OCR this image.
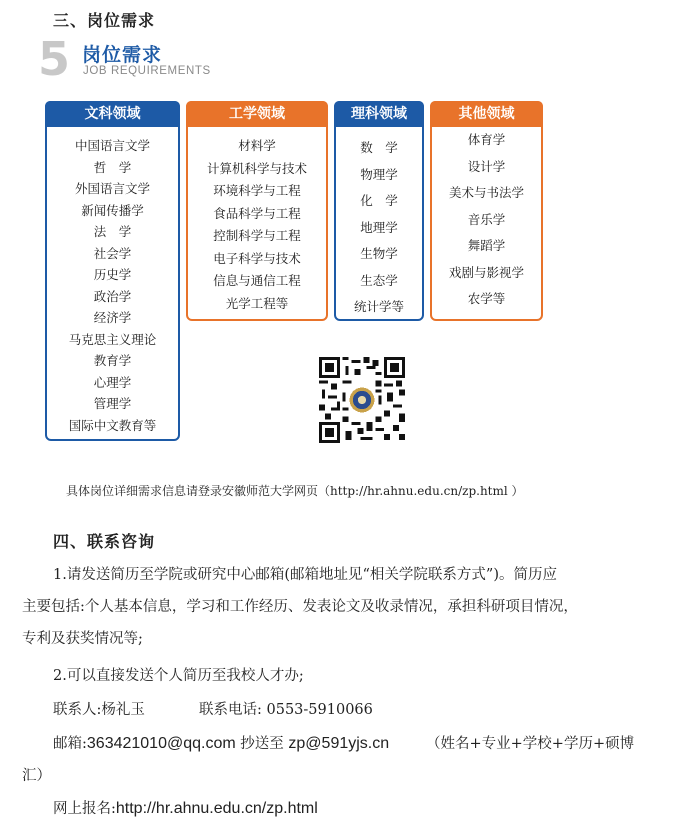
三、岗位需求
5 岗位需求
JOB REQUIREMENTS
文科领域
中国语言文学
哲　学
外国语言文学
新闻传播学
法　学
社会学
历史学
政治学
经济学
马克思主义理论
教育学
心理学
管理学
国际中文教育等
工学领域
材料学
计算机科学与技术
环境科学与工程
食品科学与工程
控制科学与工程
电子科学与技术
信息与通信工程
光学工程等
理科领域
数　学
物理学
化　学
地理学
生物学
生态学
统计学等
其他领域
体育学
设计学
美术与书法学
音乐学
舞蹈学
戏剧与影视学
农学等
具体岗位详细需求信息请登录安徽师范大学网页（http://hr.ahnu.edu.cn/zp.html ）
四、联系咨询
1.请发送简历至学院或研究中心邮箱(邮箱地址见“相关学院联系方式”)。简历应
主要包括:个人基本信息，学习和工作经历、发表论文及收录情况，承担科研项目情况，
专利及获奖情况等;
2.可以直接发送个人简历至我校人才办;
联系人:杨礼玉	联系电话: 0553-5910066
邮箱:363421010@qq.com 抄送至 zp@591yjs.cn	（姓名+专业+学校+学历+硕博
汇）
网上报名:http://hr.ahnu.edu.cn/zp.html
